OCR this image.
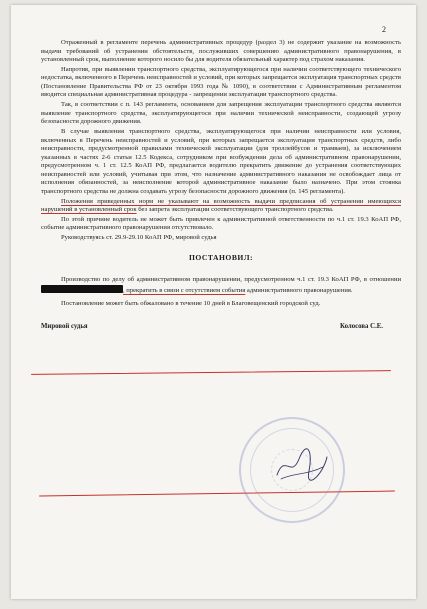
2

Отраженный в регламенте перечень административных процедур (раздел 3) не содержит указание на возможность выдачи требований об устранении обстоятельств, послуживших совершению административного правонарушения, в установленный срок, выполнение которого носило бы для водителя обязательный характер под страхом наказания.

Напротив, при выявлении транспортного средства, эксплуатирующегося при наличии соответствующего технического недостатка, включенного в Перечень неисправностей и условий, при которых запрещается эксплуатация транспортных средств (Постановление Правительства РФ от 23 октября 1993 года № 1090), в соответствии с Административным регламентом вводится специальная административная процедура - запрещении эксплуатации транспортного средства.

Так, в соответствии с п. 143 регламента, основанием для запрещения эксплуатации транспортного средства являются выявление транспортного средства, эксплуатирующегося при наличии технической неисправности, создающей угрозу безопасности дорожного движения.

В случае выявления транспортного средства, эксплуатирующегося при наличии неисправности или условия, включенных в Перечень неисправностей и условий, при которых запрещается эксплуатация транспортных средств, либо неисправности, предусмотренной правилами технической эксплуатации (для троллейбусов и трамваев), за исключением указанных в частях 2-6 статьи 12.5 Кодекса, сотрудником при возбуждении дела об административном правонарушении, предусмотренном ч. 1 ст. 12.5 КоАП РФ, предлагается водителю прекратить движение до устранения соответствующих неисправностей или условий, учитывая при этом, что назначение административного наказания не освобождает лица от исполнения обязанностей, за неисполнение которой административное наказание было назначено. При этом стоянка транспортного средства не должна создавать угрозу безопасности дорожного движения (п. 145 регламента).

Положения приведенных норм не указывают на возможность выдачи предписания об устранении имеющихся нарушений в установленный срок без запрета эксплуатации соответствующего транспортного средства.

По этой причине водитель не может быть привлечен к административной ответственности по ч.1 ст. 19.3 КоАП РФ, событие административного правонарушения отсутствовало.

Руководствуясь ст. 29.9-29.10 КоАП РФ, мировой судья

ПОСТАНОВИЛ:

Производство по делу об административном правонарушении, предусмотренном ч.1 ст. 19.3 КоАП РФ, в отношении , прекратить в связи с отсутствием события административного правонарушения.

Постановление может быть обжаловано в течение 10 дней в Благовещенский городской суд.

Мировой судья	Колосова С.Е.
